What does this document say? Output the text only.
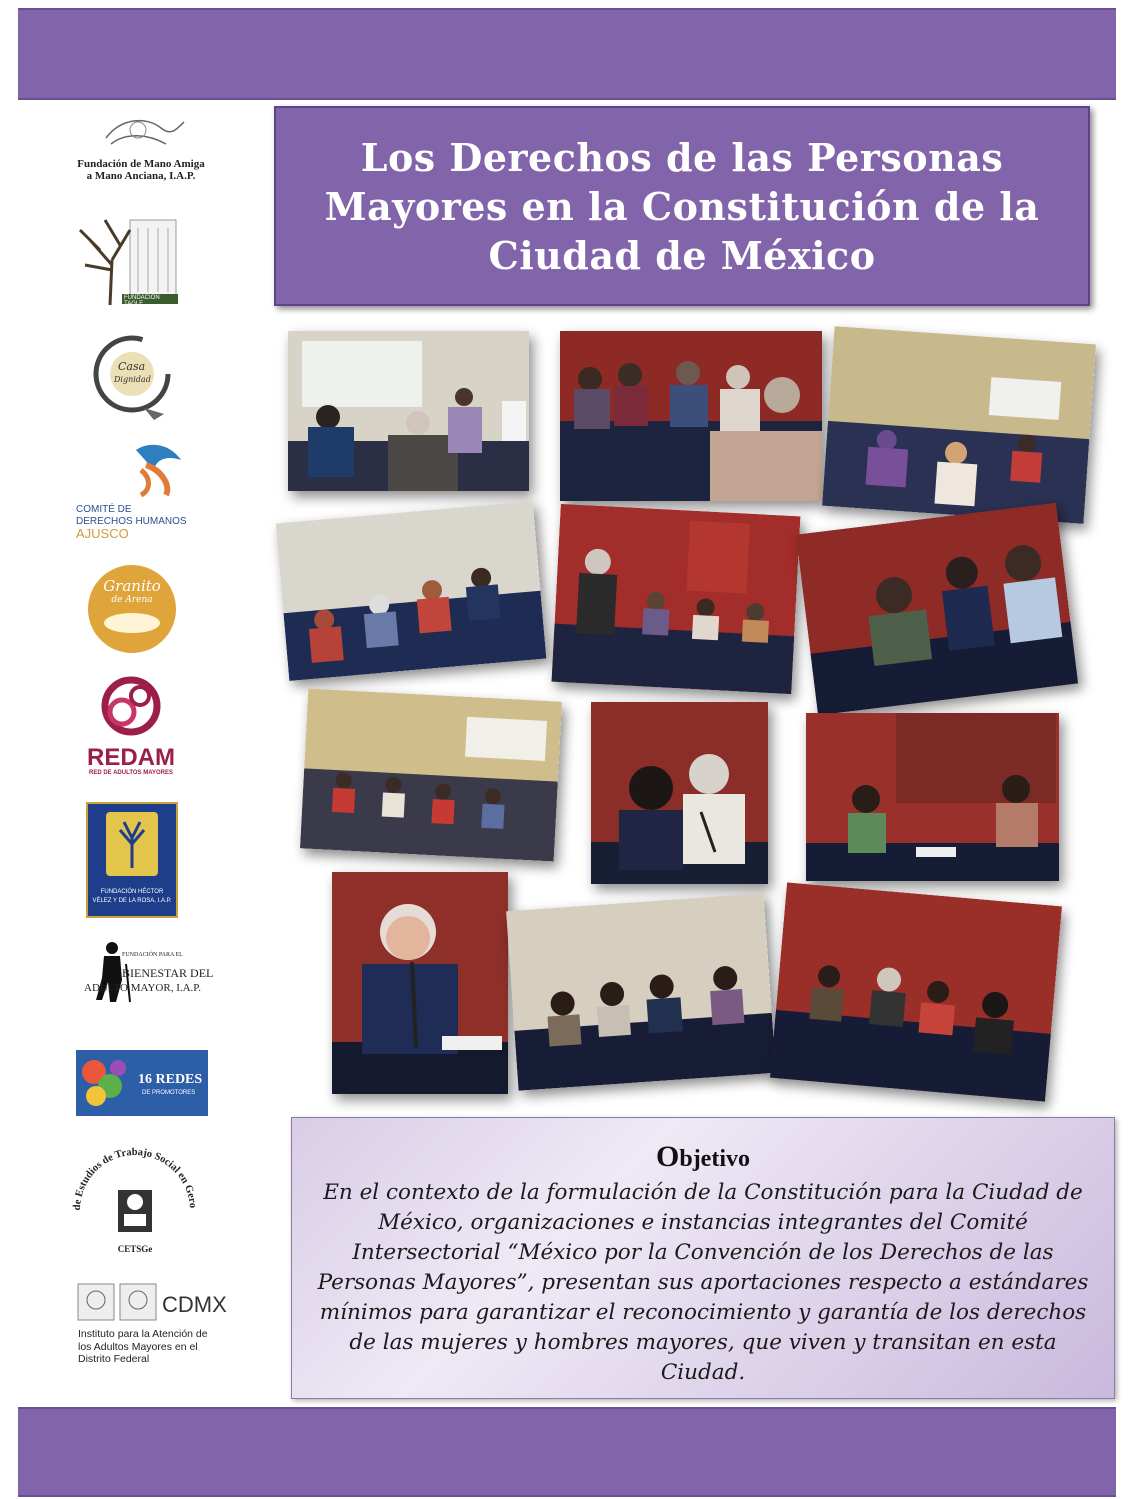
Los Derechos de las Personas
Mayores en la Constitución de la
Ciudad de México
Fundación de Mano Amiga
a Mano Anciana, I.A.P.
FUNDACIÓN TAGLE
Casa
Dignidad
COMITÉ DE
DERECHOS HUMANOS
AJUSCO
Granito
de Arena
REDAM
RED DE ADULTOS MAYORES
FUNDACIÓN HÉCTOR
VÉLEZ Y DE LA ROSA, I.A.P.
FUNDACIÓN PARA EL
BIENESTAR DEL
ADULTO MAYOR, I.A.P.
16 REDES
DE PROMOTORES
de Estudios de Trabajo Social en Gero
CETSGe
CDMX
Instituto para la Atención de
los Adultos Mayores en el
Distrito Federal
Objetivo
En el contexto de la formulación de la Constitución para la Ciudad de México, organizaciones e instancias integrantes del Comité Intersectorial “México por la Convención de los Derechos de las Personas Mayores”, presentan sus aportaciones respecto a estándares mínimos para garantizar el reconocimiento y garantía de los derechos de las mujeres y hombres mayores, que viven y transitan en esta Ciudad.
